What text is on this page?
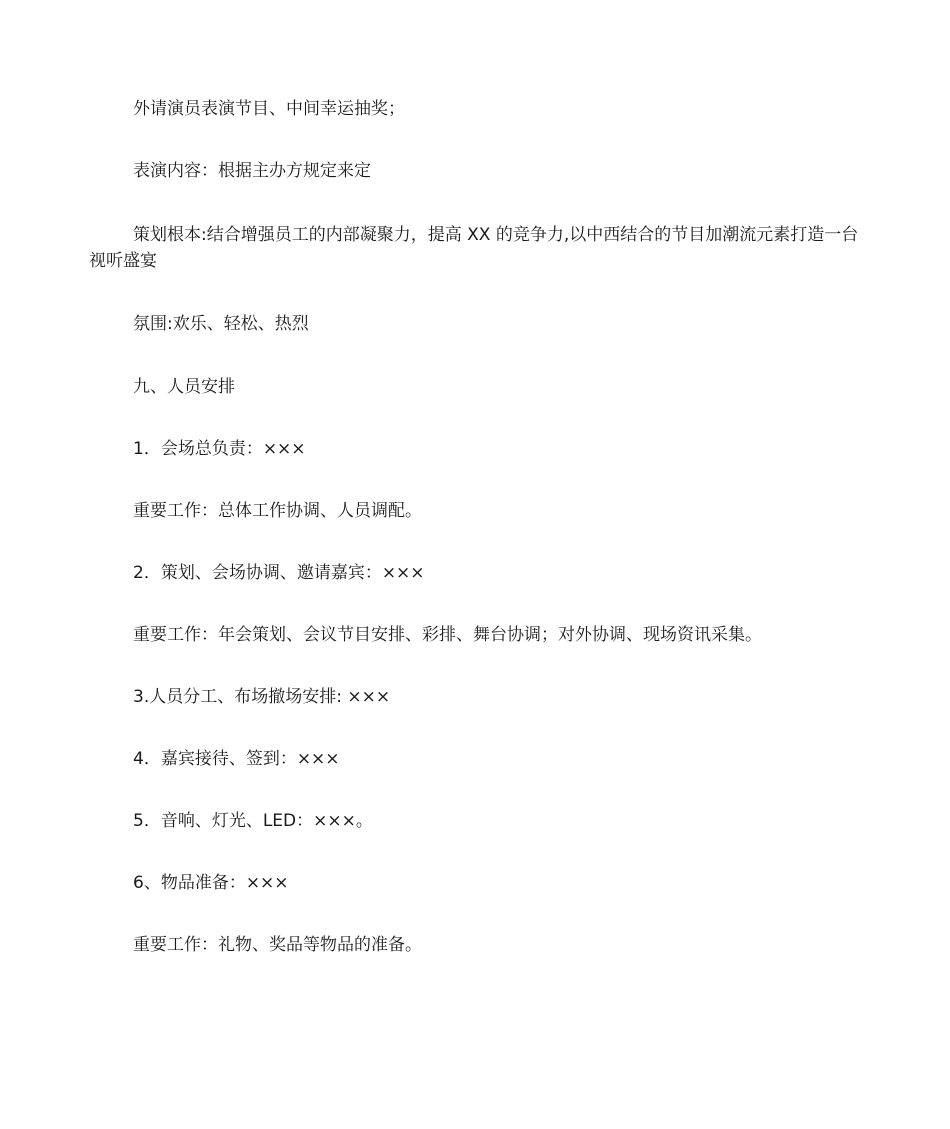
外请演员表演节目、中间幸运抽奖；

表演内容：根据主办方规定来定

策划根本:结合增强员工的内部凝聚力，提高 XX 的竞争力,以中西结合的节目加潮流元素打造一台视听盛宴

氛围:欢乐、轻松、热烈

九、人员安排

1．会场总负责：×××

重要工作：总体工作协调、人员调配。

2．策划、会场协调、邀请嘉宾：×××

重要工作：年会策划、会议节目安排、彩排、舞台协调；对外协调、现场资讯采集。

3.人员分工、布场撤场安排: ×××

4．嘉宾接待、签到：×××

5．音响、灯光、LED：×××。

6、物品准备：×××

重要工作：礼物、奖品等物品的准备。
